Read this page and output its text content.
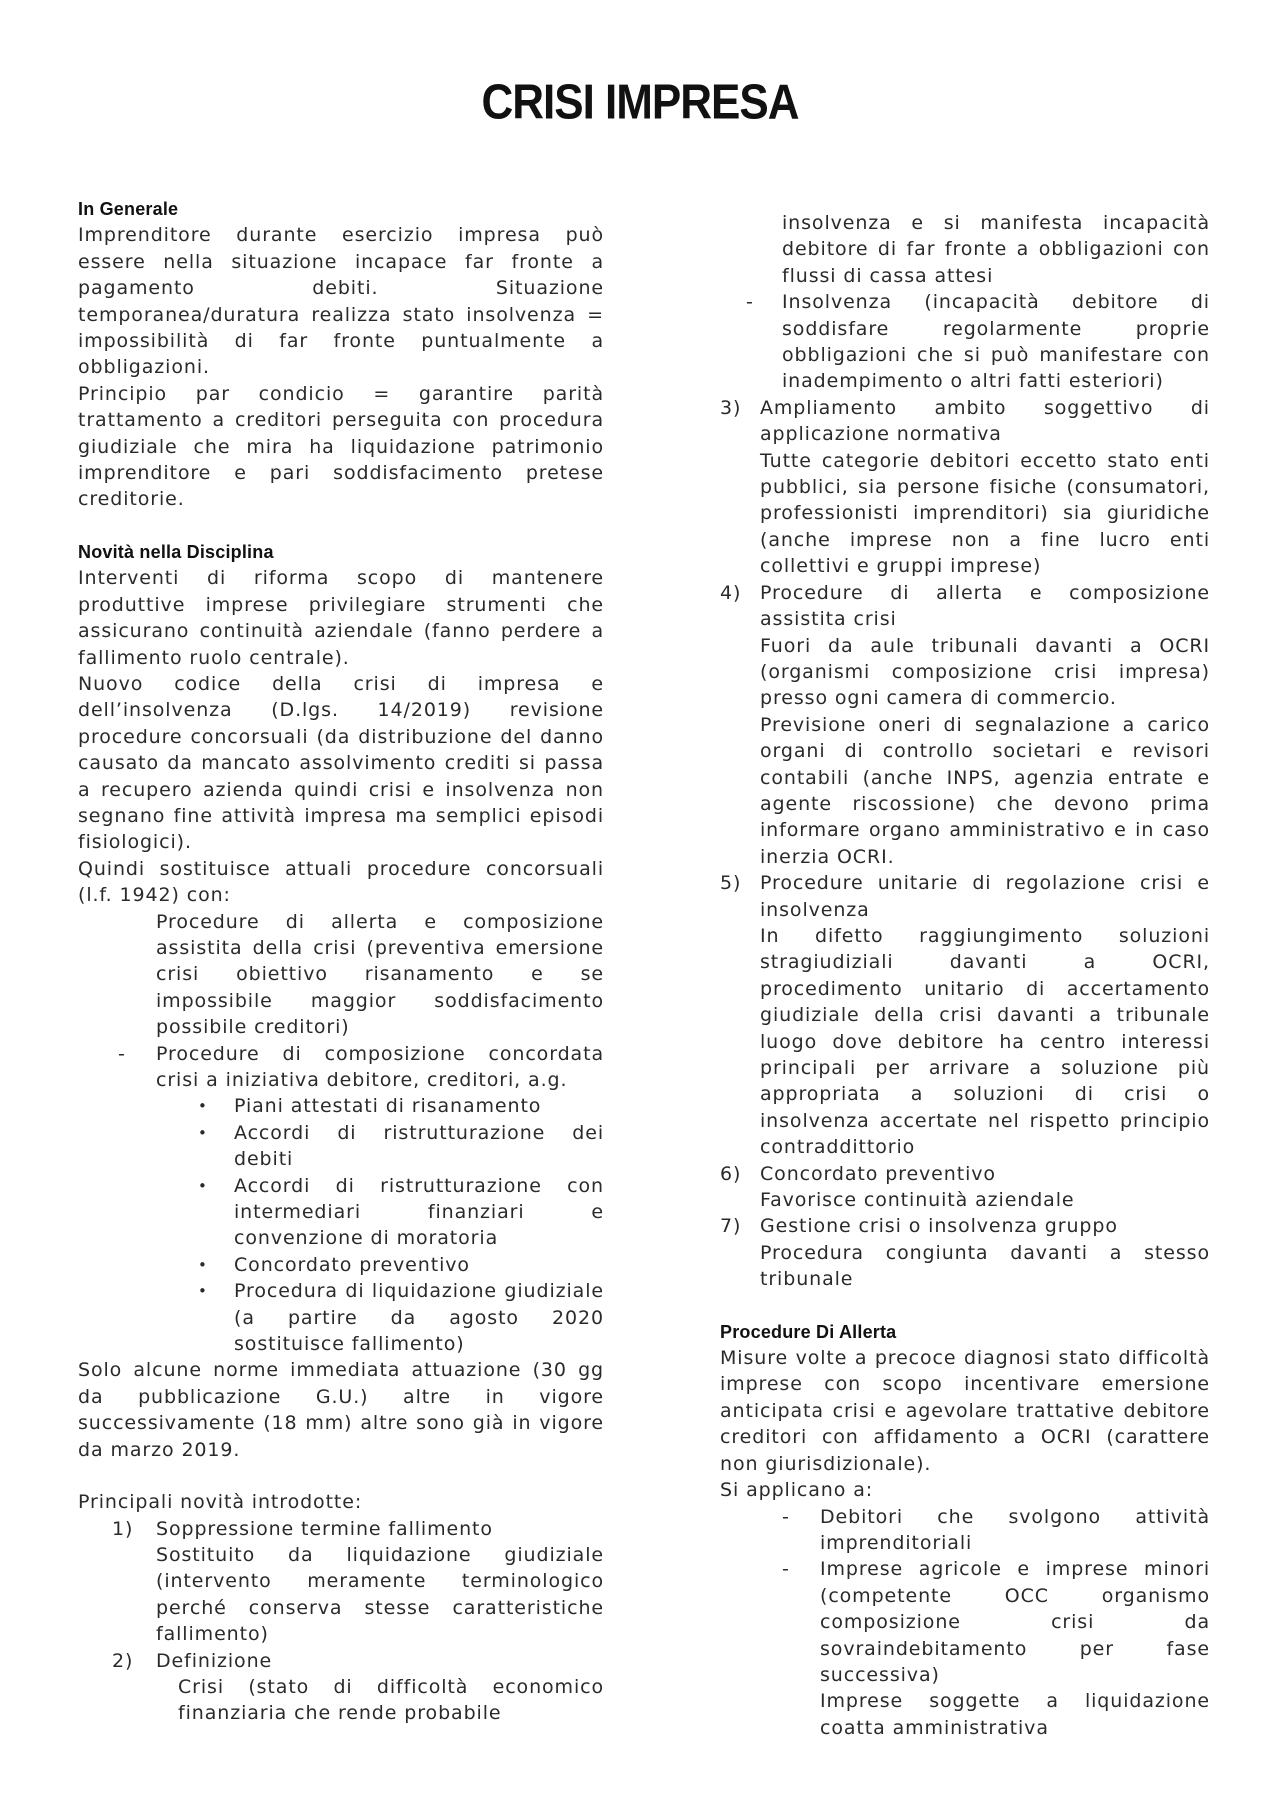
CRISI IMPRESA

In Generale

Imprenditore durante esercizio impresa può essere nella situazione incapace far fronte a pagamento debiti. Situazione temporanea/duratura realizza stato insolvenza = impossibilità di far fronte puntualmente a obbligazioni.

Principio par condicio = garantire parità trattamento a creditori perseguita con procedura giudiziale che mira ha liquidazione patrimonio imprenditore e pari soddisfacimento pretese creditorie.

Novità nella Disciplina

Interventi di riforma scopo di mantenere produttive imprese privilegiare strumenti che assicurano continuità aziendale (fanno perdere a fallimento ruolo centrale).

Nuovo codice della crisi di impresa e dell’insolvenza (D.lgs. 14/2019) revisione procedure concorsuali (da distribuzione del danno causato da mancato assolvimento crediti si passa a recupero azienda quindi crisi e insolvenza non segnano fine attività impresa ma semplici episodi fisiologici).

Quindi sostituisce attuali procedure concorsuali (l.f. 1942) con:

Procedure di allerta e composizione assistita della crisi (preventiva emersione crisi obiettivo risanamento e se impossibile maggior soddisfacimento possibile creditori)
- Procedure di composizione concordata crisi a iniziativa debitore, creditori, a.g.
• Piani attestati di risanamento
• Accordi di ristrutturazione dei debiti
• Accordi di ristrutturazione con intermediari finanziari e convenzione di moratoria
• Concordato preventivo
• Procedura di liquidazione giudiziale (a partire da agosto 2020 sostituisce fallimento)

Solo alcune norme immediata attuazione (30 gg da pubblicazione G.U.) altre in vigore successivamente (18 mm) altre sono già in vigore da marzo 2019.

Principali novità introdotte:

1) Soppressione termine fallimento
Sostituito da liquidazione giudiziale (intervento meramente terminologico perché conserva stesse caratteristiche fallimento)
2) Definizione
Crisi (stato di difficoltà economico finanziaria che rende probabile
insolvenza e si manifesta incapacità debitore di far fronte a obbligazioni con flussi di cassa attesi
- Insolvenza (incapacità debitore di soddisfare regolarmente proprie obbligazioni che si può manifestare con inadempimento o altri fatti esteriori)
3) Ampliamento ambito soggettivo di applicazione normativa
Tutte categorie debitori eccetto stato enti pubblici, sia persone fisiche (consumatori, professionisti imprenditori) sia giuridiche (anche imprese non a fine lucro enti collettivi e gruppi imprese)
4) Procedure di allerta e composizione assistita crisi
Fuori da aule tribunali davanti a OCRI (organismi composizione crisi impresa) presso ogni camera di commercio.
Previsione oneri di segnalazione a carico organi di controllo societari e revisori contabili (anche INPS, agenzia entrate e agente riscossione) che devono prima informare organo amministrativo e in caso inerzia OCRI.
5) Procedure unitarie di regolazione crisi e insolvenza
In difetto raggiungimento soluzioni stragiudiziali davanti a OCRI, procedimento unitario di accertamento giudiziale della crisi davanti a tribunale luogo dove debitore ha centro interessi principali per arrivare a soluzione più appropriata a soluzioni di crisi o insolvenza accertate nel rispetto principio contraddittorio
6) Concordato preventivo
Favorisce continuità aziendale
7) Gestione crisi o insolvenza gruppo
Procedura congiunta davanti a stesso tribunale

Procedure Di Allerta

Misure volte a precoce diagnosi stato difficoltà imprese con scopo incentivare emersione anticipata crisi e agevolare trattative debitore creditori con affidamento a OCRI (carattere non giurisdizionale).

Si applicano a:

- Debitori che svolgono attività imprenditoriali
- Imprese agricole e imprese minori (competente OCC organismo composizione crisi da sovraindebitamento per fase successiva)
Imprese soggette a liquidazione coatta amministrativa
